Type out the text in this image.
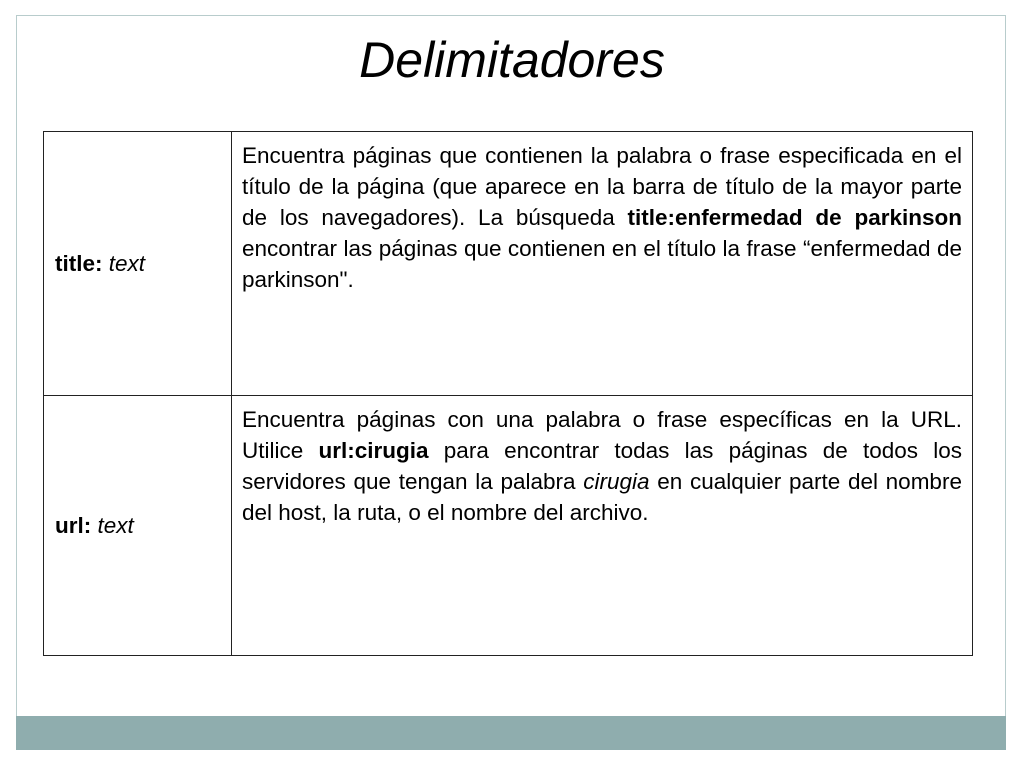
Delimitadores
title: text	Encuentra páginas que contienen la palabra o frase especificada en el título de la página (que aparece en la barra de título de la mayor parte de los navegadores). La búsqueda title:enfermedad de parkinson encontrar las páginas que contienen en el título la frase “enfermedad de parkinson".
url: text	Encuentra páginas con una palabra o frase específicas en la URL. Utilice url:cirugia para encontrar todas las páginas de todos los servidores que tengan la palabra cirugia en cualquier parte del nombre del host, la ruta, o el nombre del archivo.
